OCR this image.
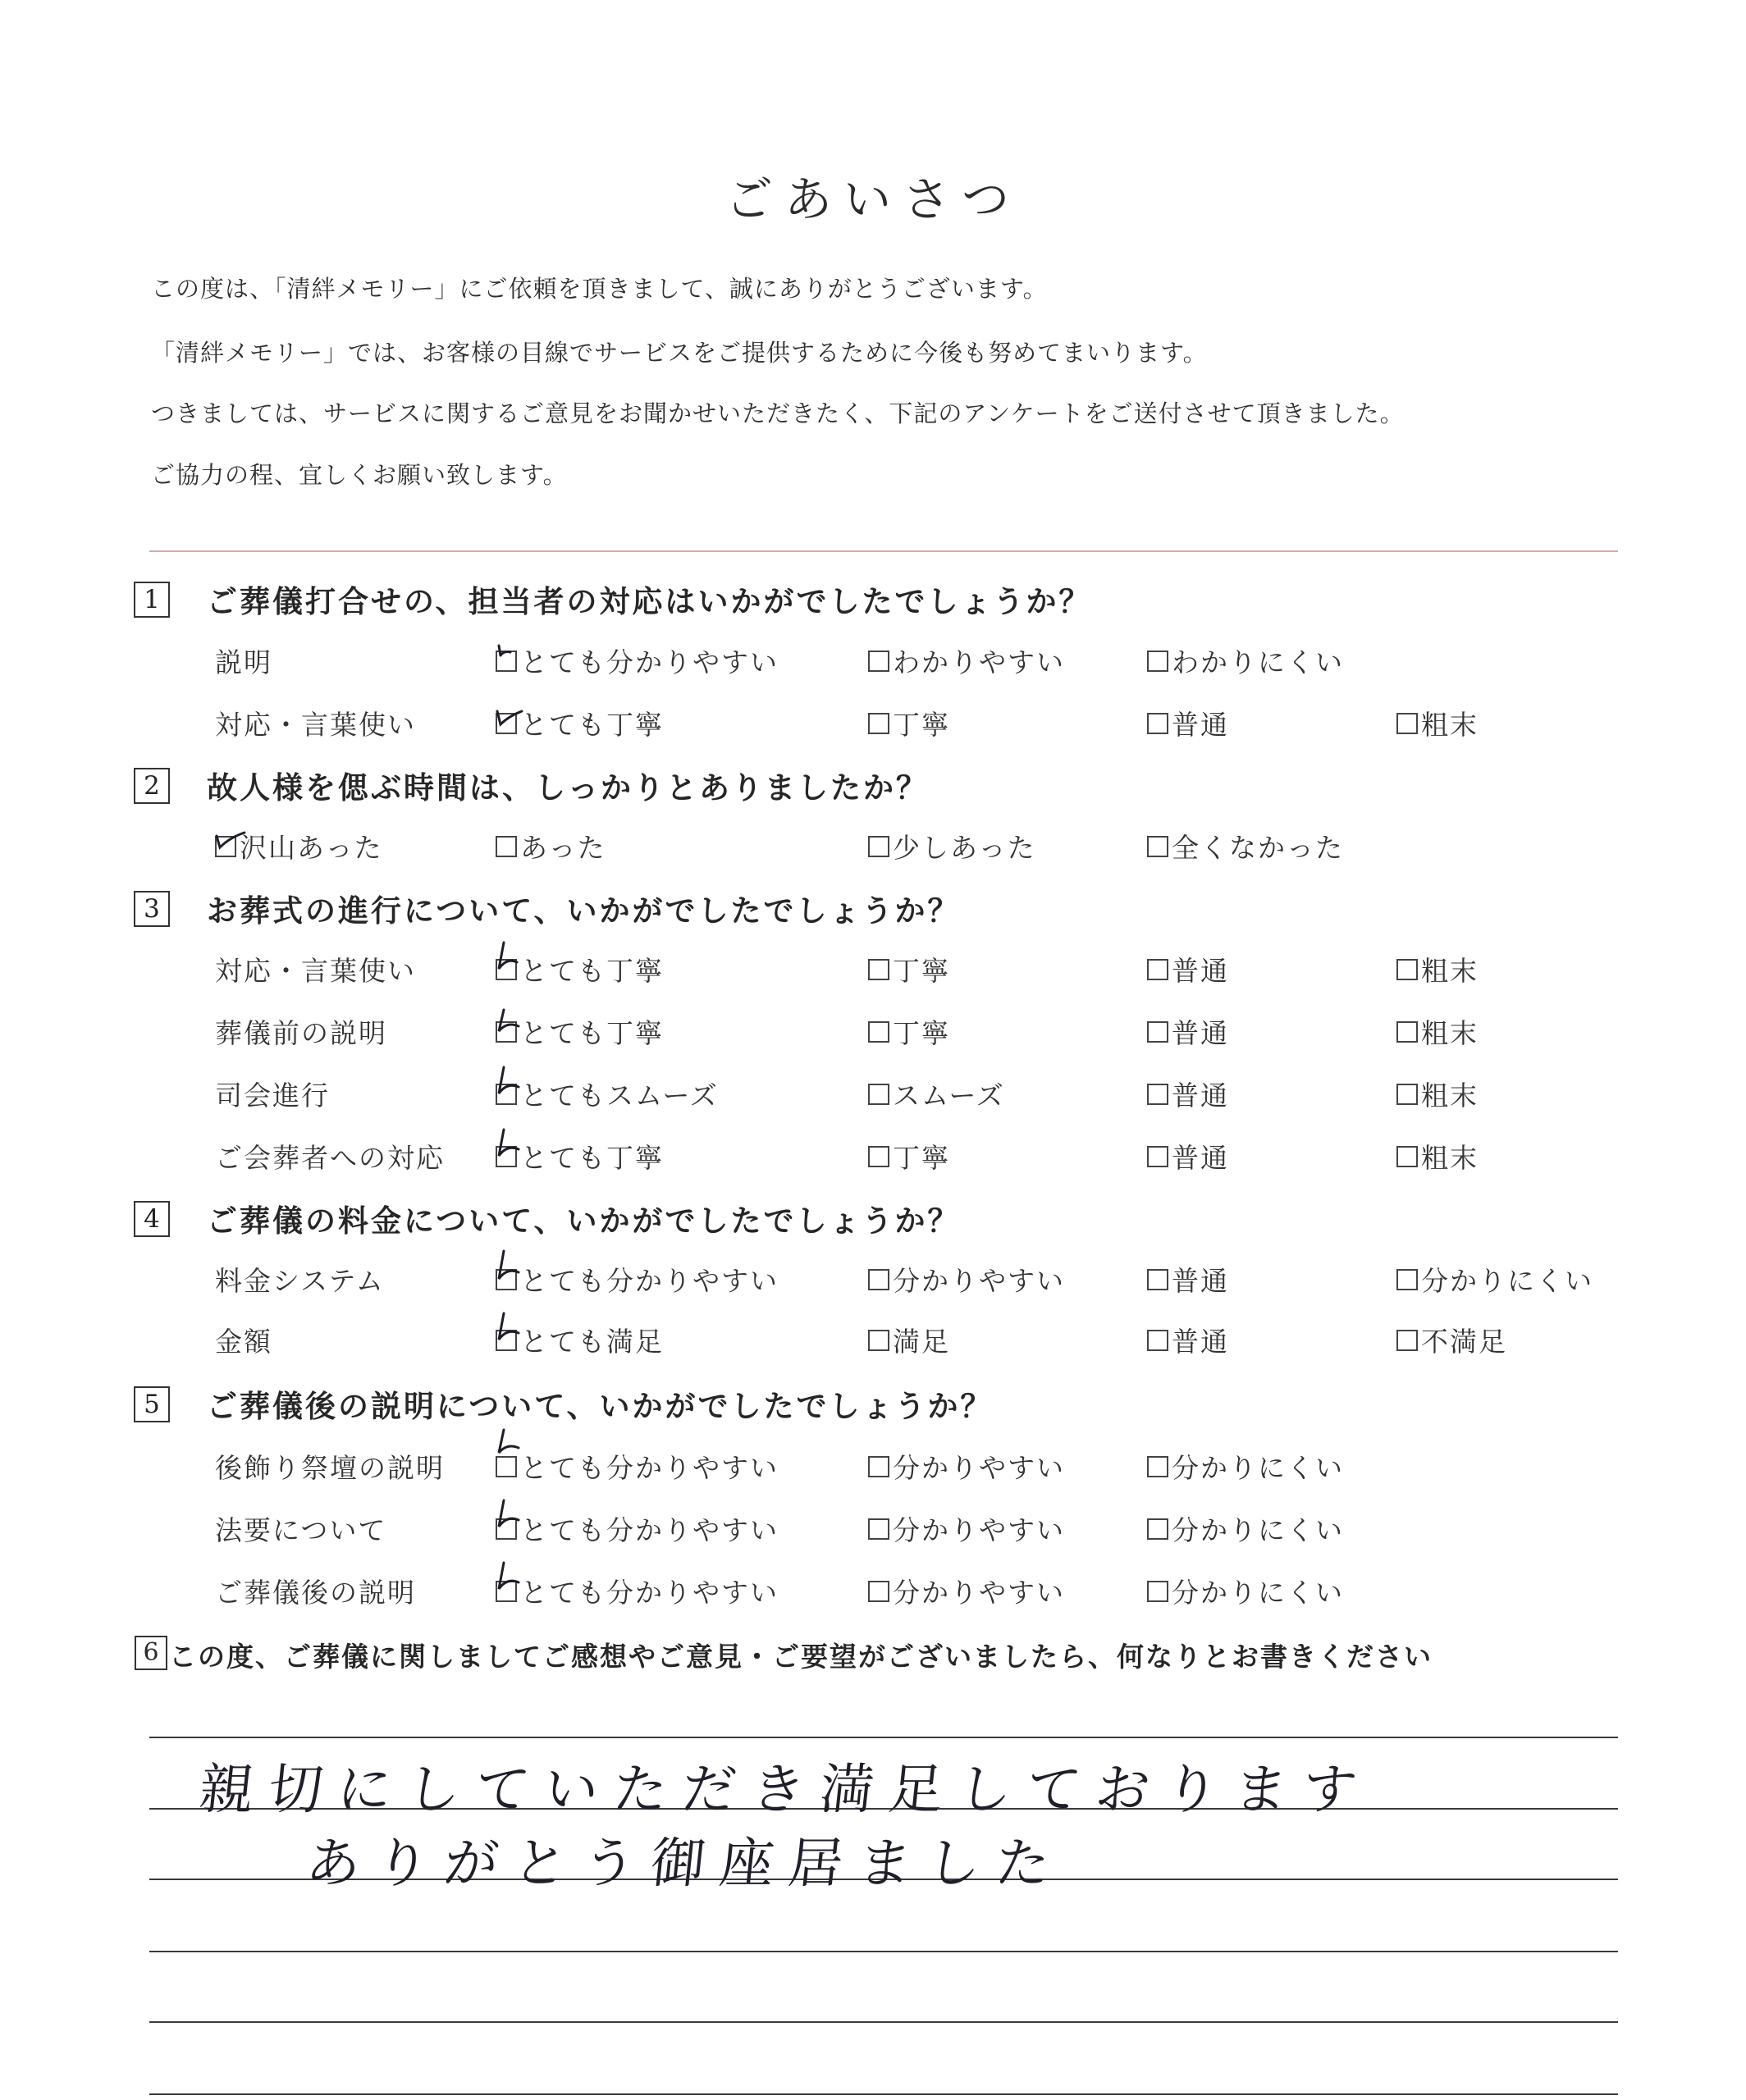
ごあいさつ
この度は、「清絆メモリー」にご依頼を頂きまして、誠にありがとうございます。
「清絆メモリー」では、お客様の目線でサービスをご提供するために今後も努めてまいります。
つきましては、サービスに関するご意見をお聞かせいただきたく、下記のアンケートをご送付させて頂きました。
ご協力の程、宜しくお願い致します。
1	ご葬儀打合せの、担当者の対応はいかがでしたでしょうか？
説明	とても分かりやすい	わかりやすい	わかりにくい
対応・言葉使い	とても丁寧	丁寧	普通	粗末
2	故人様を偲ぶ時間は、しっかりとありましたか？
沢山あった	あった	少しあった	全くなかった
3	お葬式の進行について、いかがでしたでしょうか？
対応・言葉使い	とても丁寧	丁寧	普通	粗末
葬儀前の説明	とても丁寧	丁寧	普通	粗末
司会進行	とてもスムーズ	スムーズ	普通	粗末
ご会葬者への対応	とても丁寧	丁寧	普通	粗末
4	ご葬儀の料金について、いかがでしたでしょうか？
料金システム	とても分かりやすい	分かりやすい	普通	分かりにくい
金額	とても満足	満足	普通	不満足
5	ご葬儀後の説明について、いかがでしたでしょうか？
後飾り祭壇の説明	とても分かりやすい	分かりやすい	分かりにくい
法要について	とても分かりやすい	分かりやすい	分かりにくい
ご葬儀後の説明	とても分かりやすい	分かりやすい	分かりにくい
6 この度、ご葬儀に関しましてご感想やご意見・ご要望がございましたら、何なりとお書きください
親切にしていただき満足しております
ありがとう御座居ました
